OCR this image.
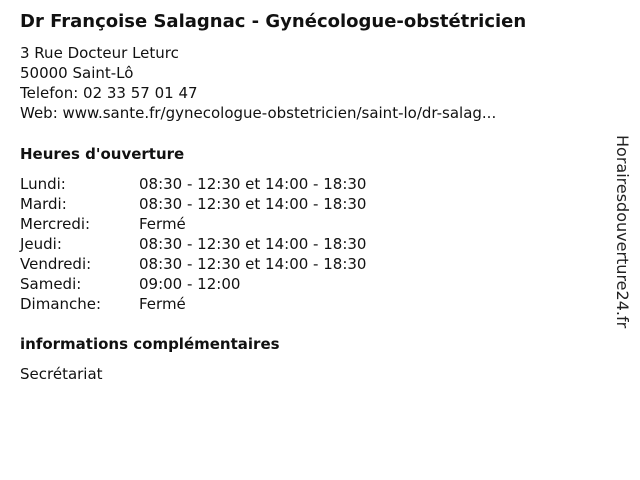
Dr Françoise Salagnac - Gynécologue-obstétricien
3 Rue Docteur Leturc
50000 Saint-Lô
Telefon: 02 33 57 01 47
Web: www.sante.fr/gynecologue-obstetricien/saint-lo/dr-salag...
Heures d'ouverture
Lundi:	08:30 - 12:30 et 14:00 - 18:30
Mardi:	08:30 - 12:30 et 14:00 - 18:30
Mercredi:	Fermé
Jeudi:	08:30 - 12:30 et 14:00 - 18:30
Vendredi:	08:30 - 12:30 et 14:00 - 18:30
Samedi:	09:00 - 12:00
Dimanche:	Fermé
informations complémentaires
Secrétariat
Horairesdouverture24.fr
